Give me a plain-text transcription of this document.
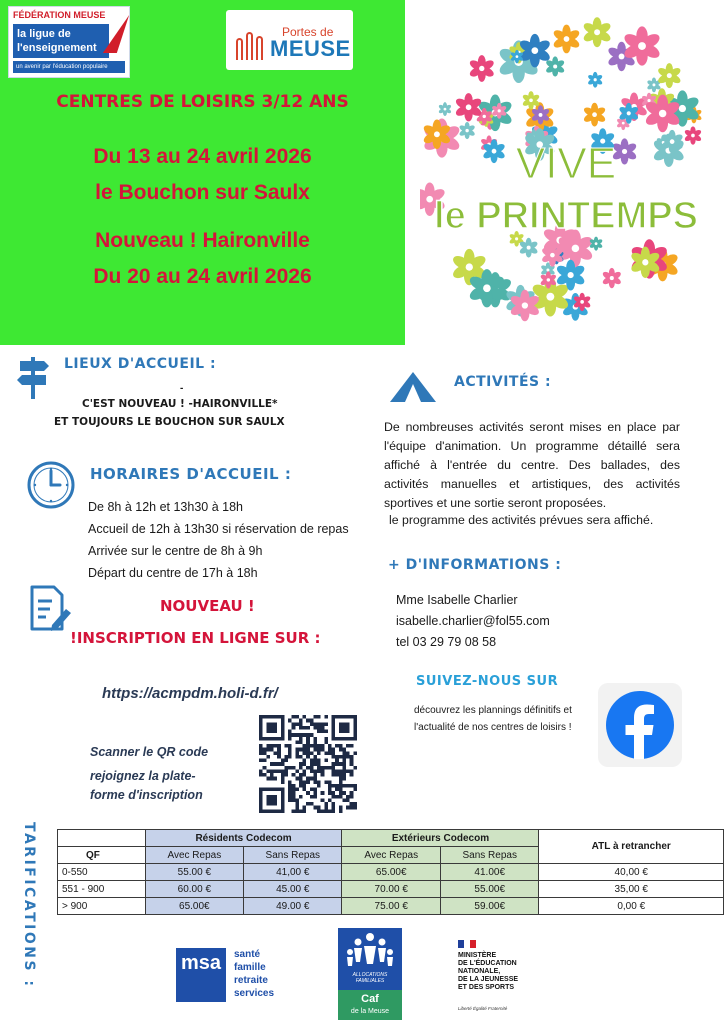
FÉDÉRATION MEUSE
la ligue de
l'enseignement
un avenir par l'éducation populaire
Portes de
MEUSE
CENTRES DE LOISIRS 3/12 ANS
Du 13 au 24 avril 2026
le Bouchon sur Saulx
Nouveau ! Haironville
Du 20 au 24 avril 2026
VIVE
le PRINTEMPS
LIEUX D'ACCUEIL :
-
C'EST NOUVEAU ! -HAIRONVILLE*
ET TOUJOURS LE BOUCHON SUR SAULX
HORAIRES D'ACCUEIL :
De 8h à 12h et 13h30 à 18h
Accueil de 12h à 13h30 si réservation de repas
Arrivée sur le centre de 8h à 9h
Départ du centre de 17h à 18h
NOUVEAU !
!INSCRIPTION EN LIGNE SUR :
https://acmpdm.holi-d.fr/
Scanner le QR code
rejoignez la plate-
forme d'inscription
ACTIVITÉS :
De nombreuses activités seront mises en place par l'équipe d'animation. Un programme détaillé sera affiché à l'entrée du centre. Des ballades, des activités manuelles et artistiques, des activités sportives et une sortie seront proposées.
le programme des activités prévues sera affiché.
+ D'INFORMATIONS :
Mme Isabelle Charlier
isabelle.charlier@fol55.com
tel 03 29 79 08 58
SUIVEZ-NOUS SUR
découvrez les plannings définitifs et l'actualité de nos centres de loisirs !
TARIFICATIONS :
		Résidents Codecom		Extérieurs Codecom		ATL à retrancher
QF	Avec Repas	Sans Repas	Avec Repas	Sans Repas	
0-550	55.00 €	41,00 €	65.00€	41.00€	40,00 €
551 - 900	60.00 €	45.00 €	70.00 €	55.00€	35,00 €
> 900	65.00€	49.00 €	75.00 €	59.00€	0,00 €
msa	santé
famille
retraite
services
ALLOCATIONS
FAMILIALES
Caf
de la Meuse
MINISTÈRE
DE L'ÉDUCATION
NATIONALE,
DE LA JEUNESSE
ET DES SPORTS
Liberté Égalité Fraternité
